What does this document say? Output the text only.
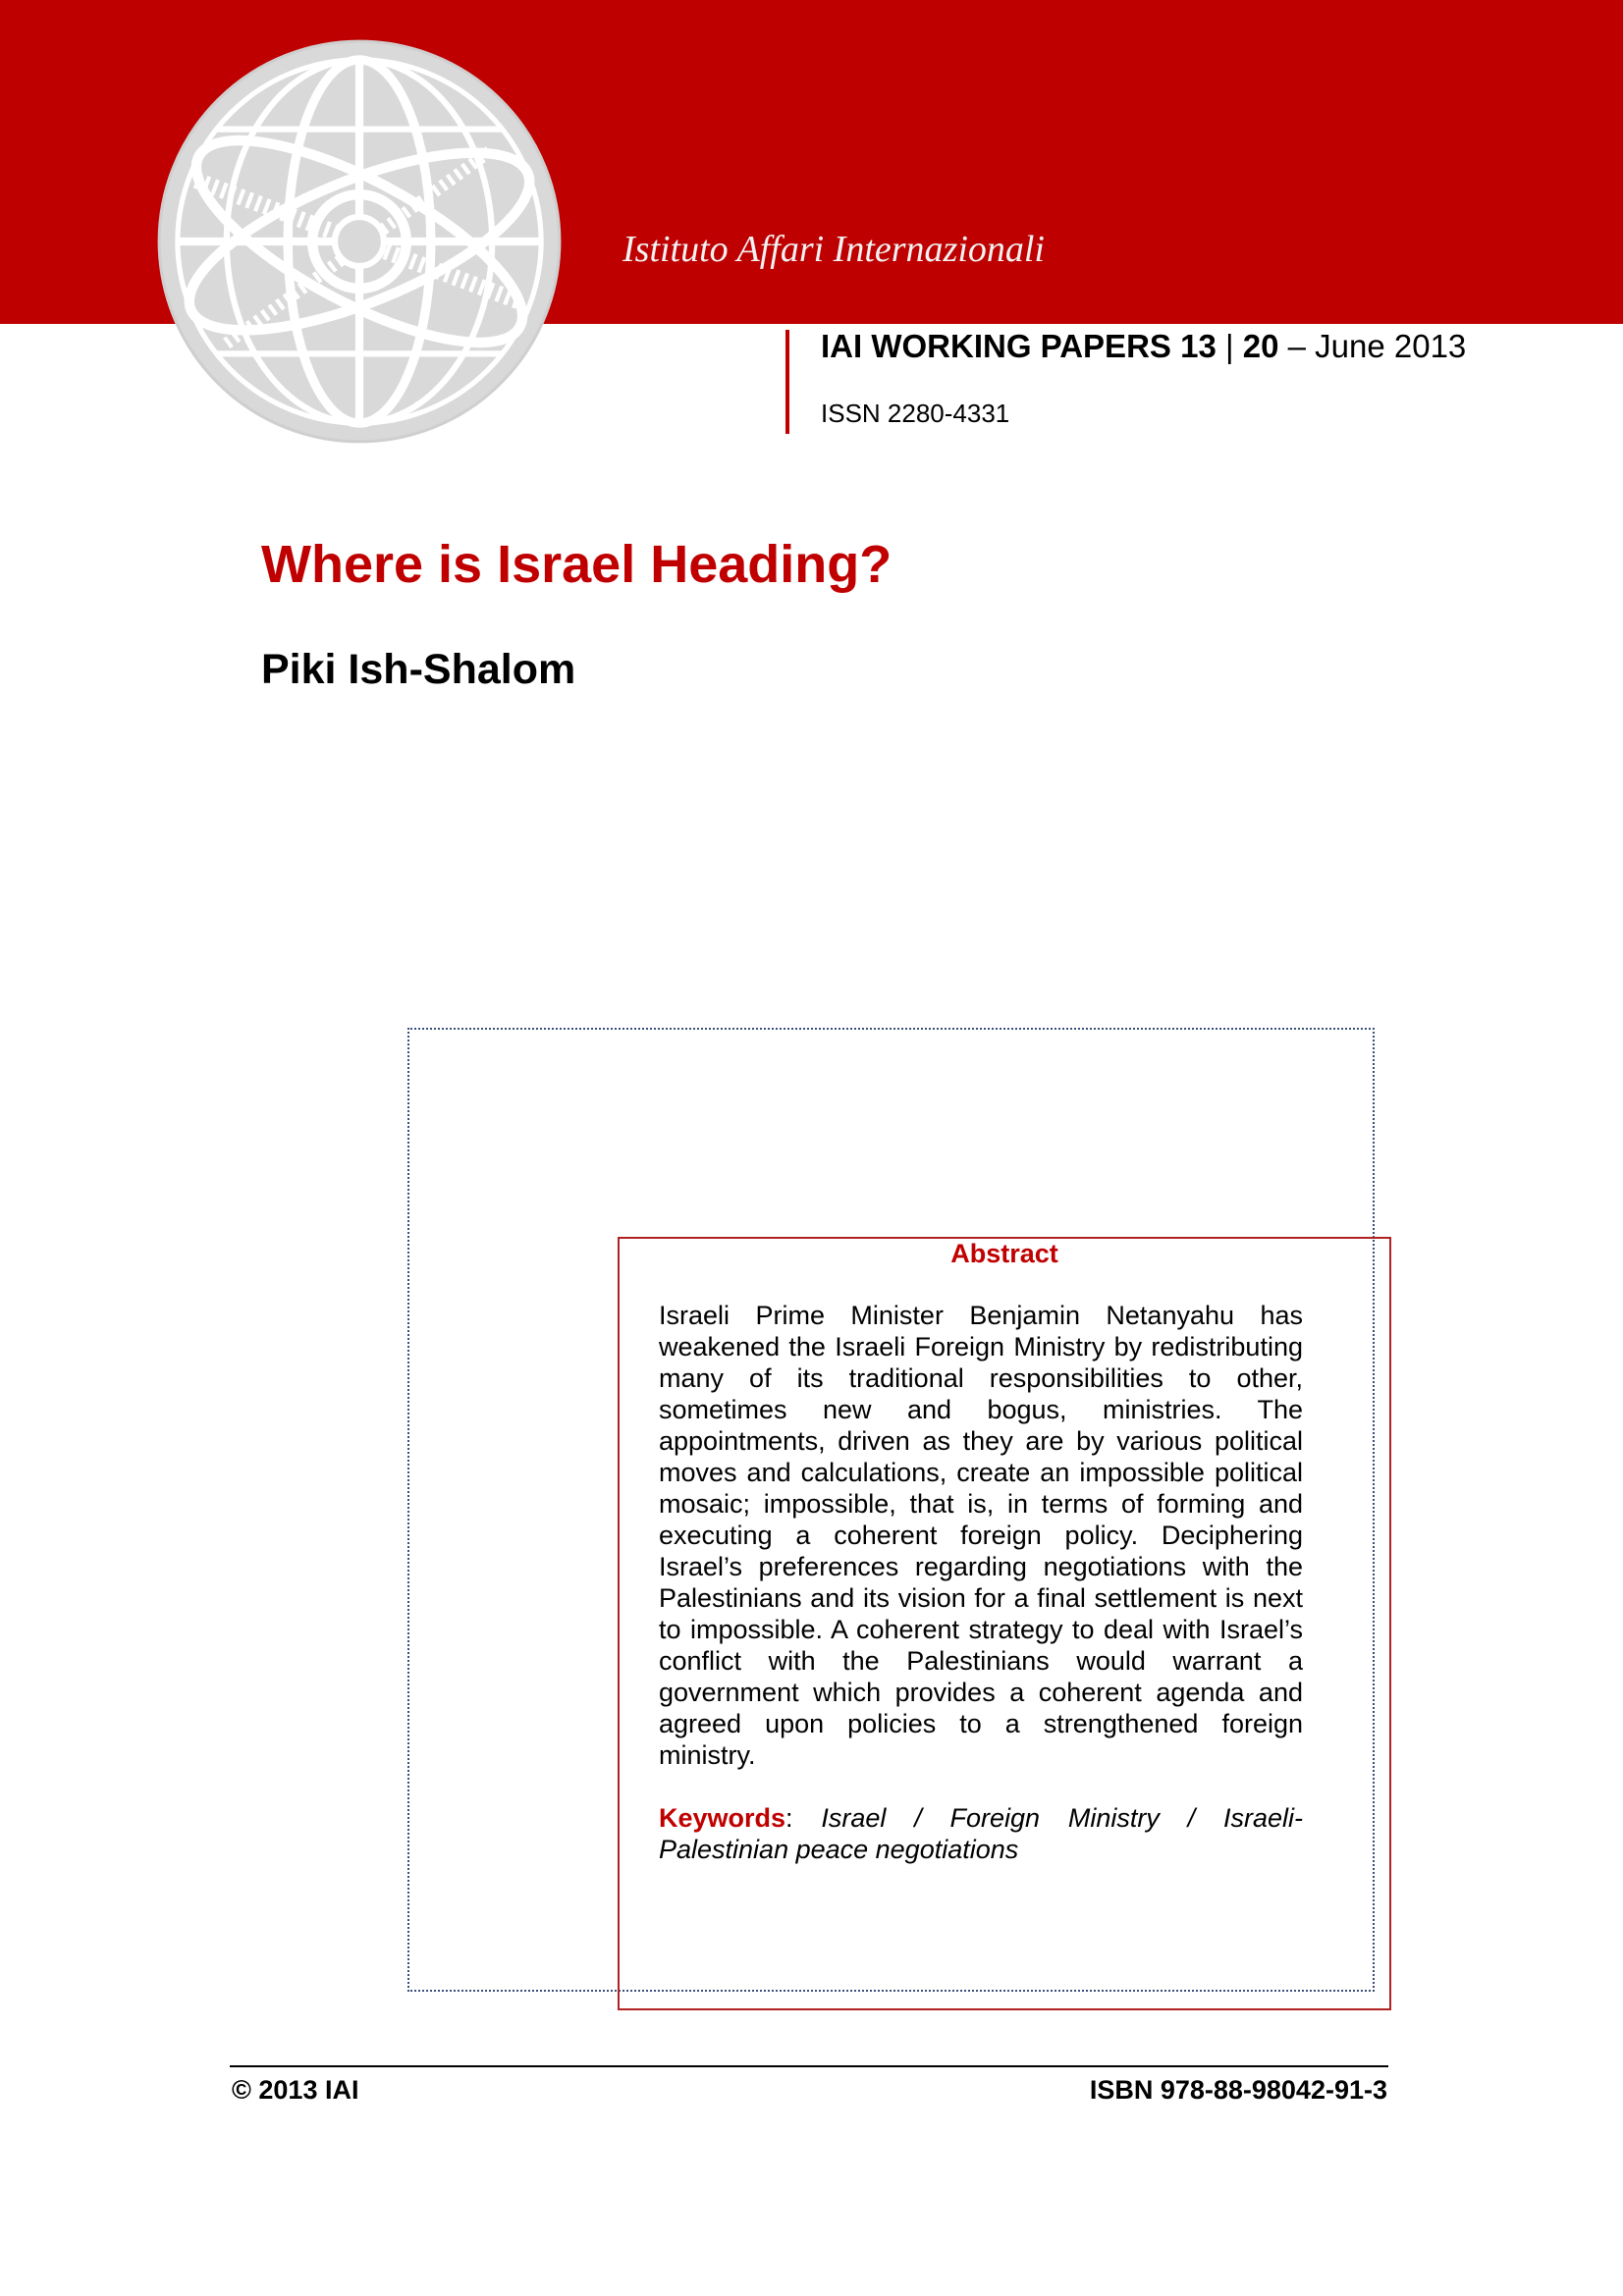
Istituto Affari Internazionali
IAI WORKING PAPERS 13 | 20 – June 2013
ISSN 2280-4331
Where is Israel Heading?
Piki Ish-Shalom
Abstract

Israeli Prime Minister Benjamin Netanyahu has weakened the Israeli Foreign Ministry by redistributing many of its traditional responsibilities to other, sometimes new and bogus, ministries. The appointments, driven as they are by various political moves and calculations, create an impossible political mosaic; impossible, that is, in terms of forming and executing a coherent foreign policy. Deciphering Israel’s preferences regarding negotiations with the Palestinians and its vision for a final settlement is next to impossible. A coherent strategy to deal with Israel’s conflict with the Palestinians would warrant a government which provides a coherent agenda and agreed upon policies to a strengthened foreign ministry.

Keywords: Israel / Foreign Ministry / Israeli-Palestinian peace negotiations

© 2013 IAI	ISBN 978-88-98042-91-3
